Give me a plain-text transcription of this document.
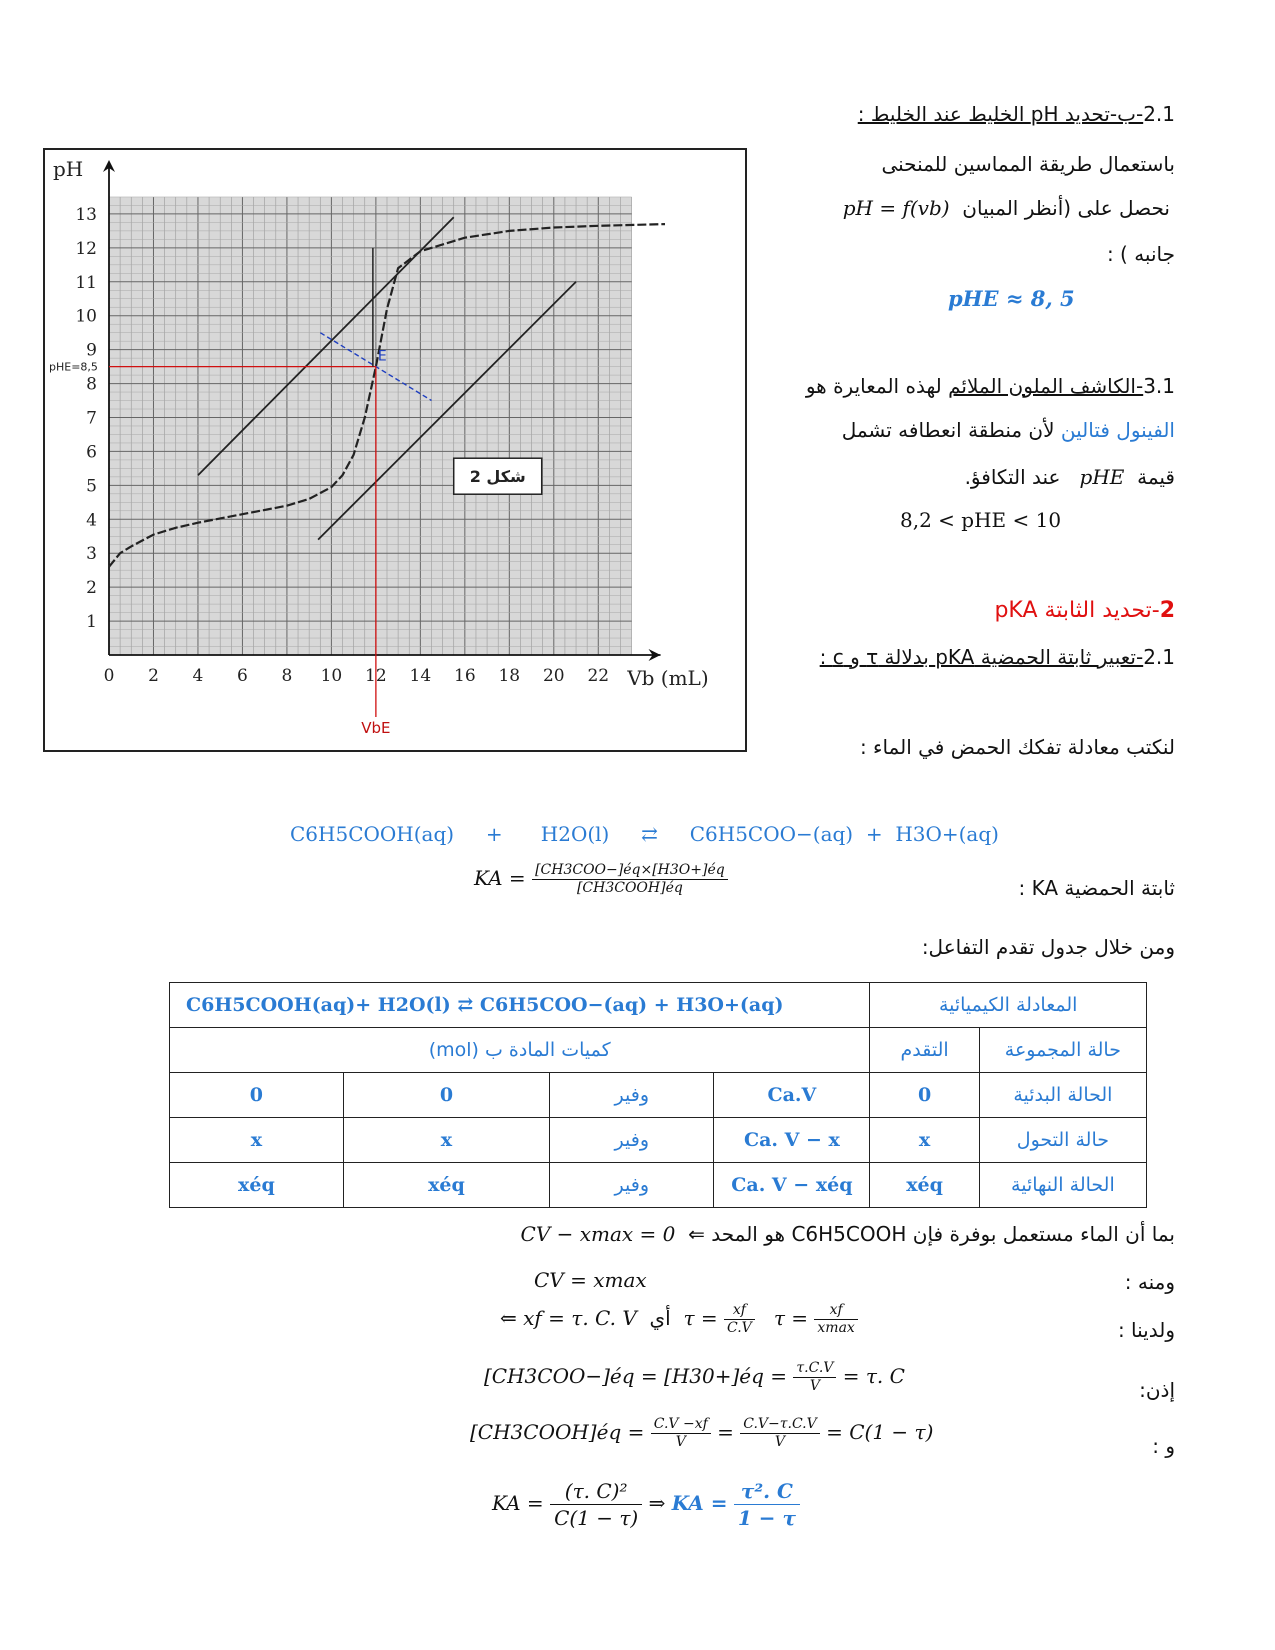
0 2 4 6 8 10 12 14 16 18 20 22
1
2
3
4
5
6
7
8
9
10
11
12
13
pH
Vb (mL)
E
pHE=8,5
VbE
شكل 2
2.1-ب-تحديد pH الخليط عند الخليط :
باستعمال طريقة المماسين للمنحنى
نحصل على (أنظر المبيان  pH = f(vb)
جانبه ) :
pHE ≈ 8, 5
3.1-الكاشف الملون الملائم لهذه المعايرة هو
الفينول فتالين لأن منطقة انعطافه تشمل
قيمة  pHE   عند التكافؤ.
8,2 < pHE < 10
2-تحديد الثابتة pKA
2.1-تعبير ثابتة الحمضية pKA بدلالة τ و c :
لنكتب معادلة تفكك الحمض في الماء :
C6H5COOH(aq) + H2O(l) ⇄ C6H5COO−(aq) + H3O+(aq)
ثابتة الحمضية KA :
KA = $\frac{\text{[CH3COO−]éq×[H3O+]éq}}{\text{[CH3COOH]éq}}$
ومن خلال جدول تقدم التفاعل:
المعادلة الكيميائية		C6H5COOH(aq)+ H2O(l) ⇄ C6H5COO−(aq) + H3O+(aq)			
حالة المجموعة	التقدم	كميات المادة ب (mol)			
الحالة البدئية	0	Ca.V	وفير	0	0
حالة التحول	x	Ca. V − x	وفير	x	x
الحالة النهائية	xéq	Ca. V − xéq	وفير	xéq	xéq
بما أن الماء مستعمل بوفرة فإن C6H5COOH هو المحد ⇐  CV − xmax = 0
ومنه :
CV = xmax
ولدينا :
⇐ xf = τ. C. V أي $\tau = \frac{xf}{C.V}$ $\tau = \frac{xf}{xmax}$
إذن:
[CH3COO−]éq = [H30+]éq = $\frac{\tau.C.V}{V} = \tau$. C
و :
[CH3COOH]éq = $\frac{C.V -xf}{V} = \frac{C.V-\tau.C.V}{V} = C(1 - \tau)$
KA = $\frac{\text{(τ. C)²}}{C(1 - \tau)}$ ⇒ KA = $\frac{\text{τ². C}}{1 - \tau}$
